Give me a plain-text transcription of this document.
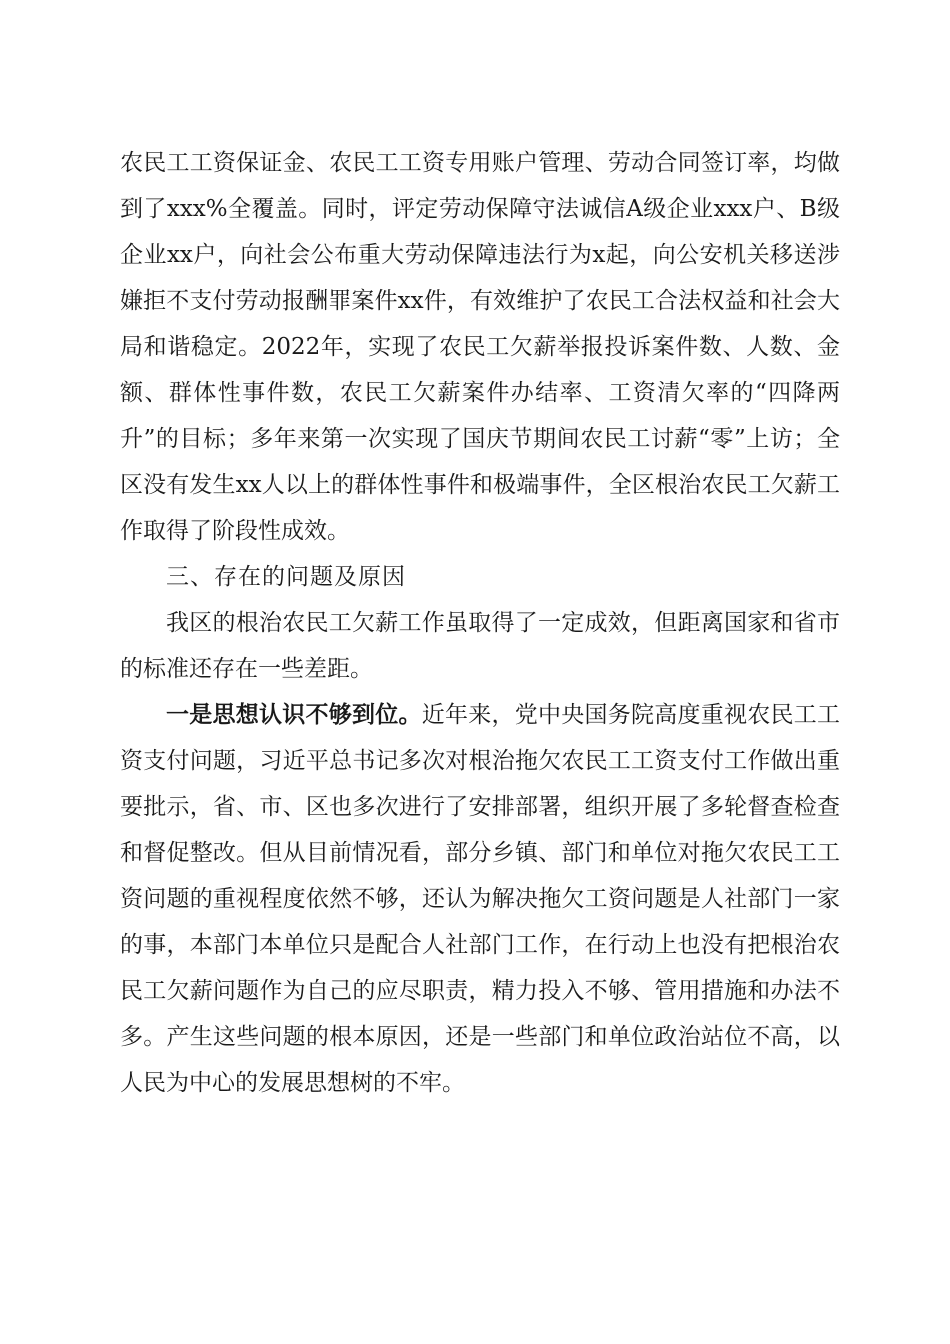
农民工工资保证金、农民工工资专用账户管理、劳动合同签订率，均做到了xxx%全覆盖。同时，评定劳动保障守法诚信A级企业xxx户、B级企业xx户，向社会公布重大劳动保障违法行为x起，向公安机关移送涉嫌拒不支付劳动报酬罪案件xx件，有效维护了农民工合法权益和社会大局和谐稳定。2022年，实现了农民工欠薪举报投诉案件数、人数、金额、群体性事件数，农民工欠薪案件办结率、工资清欠率的“四降两升”的目标；多年来第一次实现了国庆节期间农民工讨薪“零”上访；全区没有发生xx人以上的群体性事件和极端事件，全区根治农民工欠薪工作取得了阶段性成效。

三、存在的问题及原因

我区的根治农民工欠薪工作虽取得了一定成效，但距离国家和省市的标准还存在一些差距。

一是思想认识不够到位。近年来，党中央国务院高度重视农民工工资支付问题，习近平总书记多次对根治拖欠农民工工资支付工作做出重要批示，省、市、区也多次进行了安排部署，组织开展了多轮督查检查和督促整改。但从目前情况看，部分乡镇、部门和单位对拖欠农民工工资问题的重视程度依然不够，还认为解决拖欠工资问题是人社部门一家的事，本部门本单位只是配合人社部门工作，在行动上也没有把根治农民工欠薪问题作为自己的应尽职责，精力投入不够、管用措施和办法不多。产生这些问题的根本原因，还是一些部门和单位政治站位不高，以人民为中心的发展思想树的不牢。
